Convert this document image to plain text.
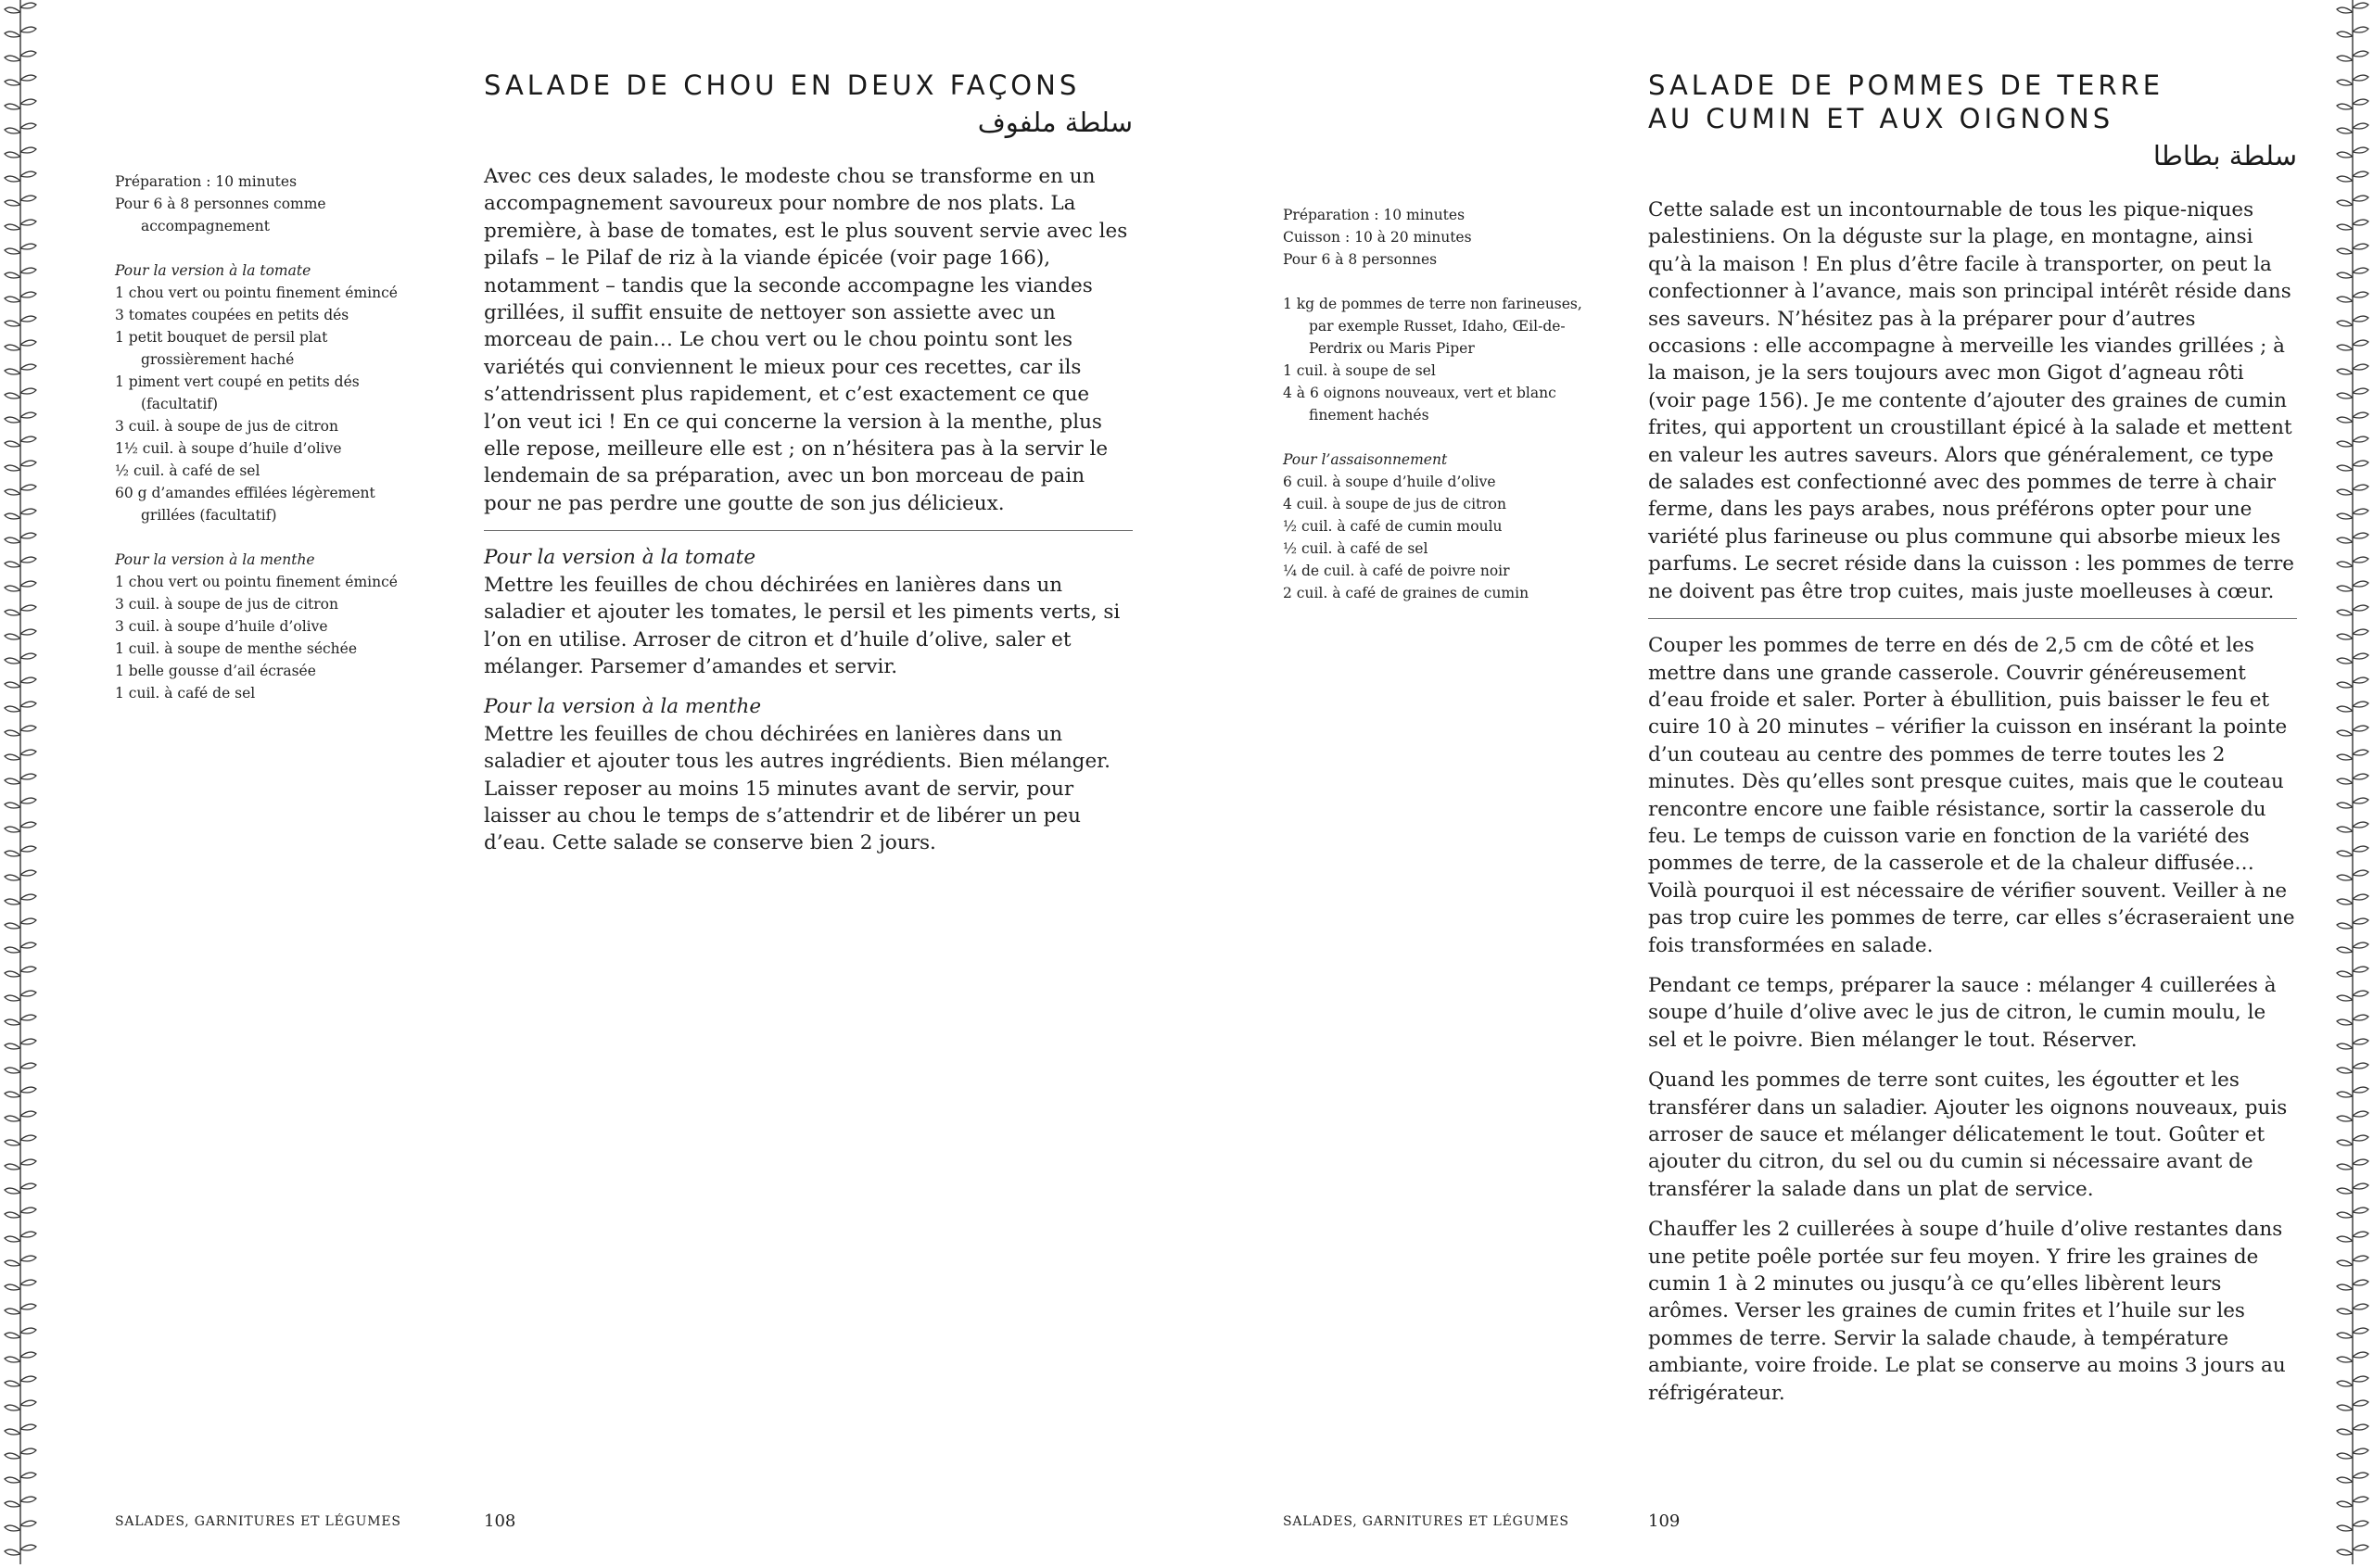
Préparation : 10 minutes

Pour 6 à 8 personnes comme accompagnement

Pour la version à la tomate

1 chou vert ou pointu finement émincé

3 tomates coupées en petits dés

1 petit bouquet de persil plat grossièrement haché

1 piment vert coupé en petits dés (facultatif)

3 cuil. à soupe de jus de citron

1½ cuil. à soupe d’huile d’olive

½ cuil. à café de sel

60 g d’amandes effilées légèrement grillées (facultatif)

Pour la version à la menthe

1 chou vert ou pointu finement émincé

3 cuil. à soupe de jus de citron

3 cuil. à soupe d’huile d’olive

1 cuil. à soupe de menthe séchée

1 belle gousse d’ail écrasée

1 cuil. à café de sel

SALADE DE CHOU EN DEUX FAÇONS

سلطة ملفوف

Avec ces deux salades, le modeste chou se transforme en un accompagnement savoureux pour nombre de nos plats. La première, à base de tomates, est le plus souvent servie avec les pilafs – le Pilaf de riz à la viande épicée (voir page 166), notamment – tandis que la seconde accompagne les viandes grillées, il suffit ensuite de nettoyer son assiette avec un morceau de pain… Le chou vert ou le chou pointu sont les variétés qui conviennent le mieux pour ces recettes, car ils s’attendrissent plus rapidement, et c’est exactement ce que l’on veut ici ! En ce qui concerne la version à la menthe, plus elle repose, meilleure elle est ; on n’hésitera pas à la servir le lendemain de sa préparation, avec un bon morceau de pain pour ne pas perdre une goutte de son jus délicieux.

Pour la version à la tomate

Mettre les feuilles de chou déchirées en lanières dans un saladier et ajouter les tomates, le persil et les piments verts, si l’on en utilise. Arroser de citron et d’huile d’olive, saler et mélanger. Parsemer d’amandes et servir.

Pour la version à la menthe

Mettre les feuilles de chou déchirées en lanières dans un saladier et ajouter tous les autres ingrédients. Bien mélanger. Laisser reposer au moins 15 minutes avant de servir, pour laisser au chou le temps de s’attendrir et de libérer un peu d’eau. Cette salade se conserve bien 2 jours.

SALADES, GARNITURES ET LÉGUMES	108

Préparation : 10 minutes

Cuisson : 10 à 20 minutes

Pour 6 à 8 personnes

1 kg de pommes de terre non farineuses, par exemple Russet, Idaho, Œil-de-Perdrix ou Maris Piper

1 cuil. à soupe de sel

4 à 6 oignons nouveaux, vert et blanc finement hachés

Pour l’assaisonnement

6 cuil. à soupe d’huile d’olive

4 cuil. à soupe de jus de citron

½ cuil. à café de cumin moulu

½ cuil. à café de sel

¼ de cuil. à café de poivre noir

2 cuil. à café de graines de cumin

SALADE DE POMMES DE TERRE
AU CUMIN ET AUX OIGNONS

سلطة بطاطا

Cette salade est un incontournable de tous les pique-niques palestiniens. On la déguste sur la plage, en montagne, ainsi qu’à la maison ! En plus d’être facile à transporter, on peut la confectionner à l’avance, mais son principal intérêt réside dans ses saveurs. N’hésitez pas à la préparer pour d’autres occasions : elle accompagne à merveille les viandes grillées ; à la maison, je la sers toujours avec mon Gigot d’agneau rôti (voir page 156). Je me contente d’ajouter des graines de cumin frites, qui apportent un croustillant épicé à la salade et mettent en valeur les autres saveurs. Alors que généralement, ce type de salades est confectionné avec des pommes de terre à chair ferme, dans les pays arabes, nous préférons opter pour une variété plus farineuse ou plus commune qui absorbe mieux les parfums. Le secret réside dans la cuisson : les pommes de terre ne doivent pas être trop cuites, mais juste moelleuses à cœur.

Couper les pommes de terre en dés de 2,5 cm de côté et les mettre dans une grande casserole. Couvrir généreusement d’eau froide et saler. Porter à ébullition, puis baisser le feu et cuire 10 à 20 minutes – vérifier la cuisson en insérant la pointe d’un couteau au centre des pommes de terre toutes les 2 minutes. Dès qu’elles sont presque cuites, mais que le couteau rencontre encore une faible résistance, sortir la casserole du feu. Le temps de cuisson varie en fonction de la variété des pommes de terre, de la casserole et de la chaleur diffusée… Voilà pourquoi il est nécessaire de vérifier souvent. Veiller à ne pas trop cuire les pommes de terre, car elles s’écraseraient une fois transformées en salade.

Pendant ce temps, préparer la sauce : mélanger 4 cuillerées à soupe d’huile d’olive avec le jus de citron, le cumin moulu, le sel et le poivre. Bien mélanger le tout. Réserver.

Quand les pommes de terre sont cuites, les égoutter et les transférer dans un saladier. Ajouter les oignons nouveaux, puis arroser de sauce et mélanger délicatement le tout. Goûter et ajouter du citron, du sel ou du cumin si nécessaire avant de transférer la salade dans un plat de service.

Chauffer les 2 cuillerées à soupe d’huile d’olive restantes dans une petite poêle portée sur feu moyen. Y frire les graines de cumin 1 à 2 minutes ou jusqu’à ce qu’elles libèrent leurs arômes. Verser les graines de cumin frites et l’huile sur les pommes de terre. Servir la salade chaude, à température ambiante, voire froide. Le plat se conserve au moins 3 jours au réfrigérateur.

SALADES, GARNITURES ET LÉGUMES	109
